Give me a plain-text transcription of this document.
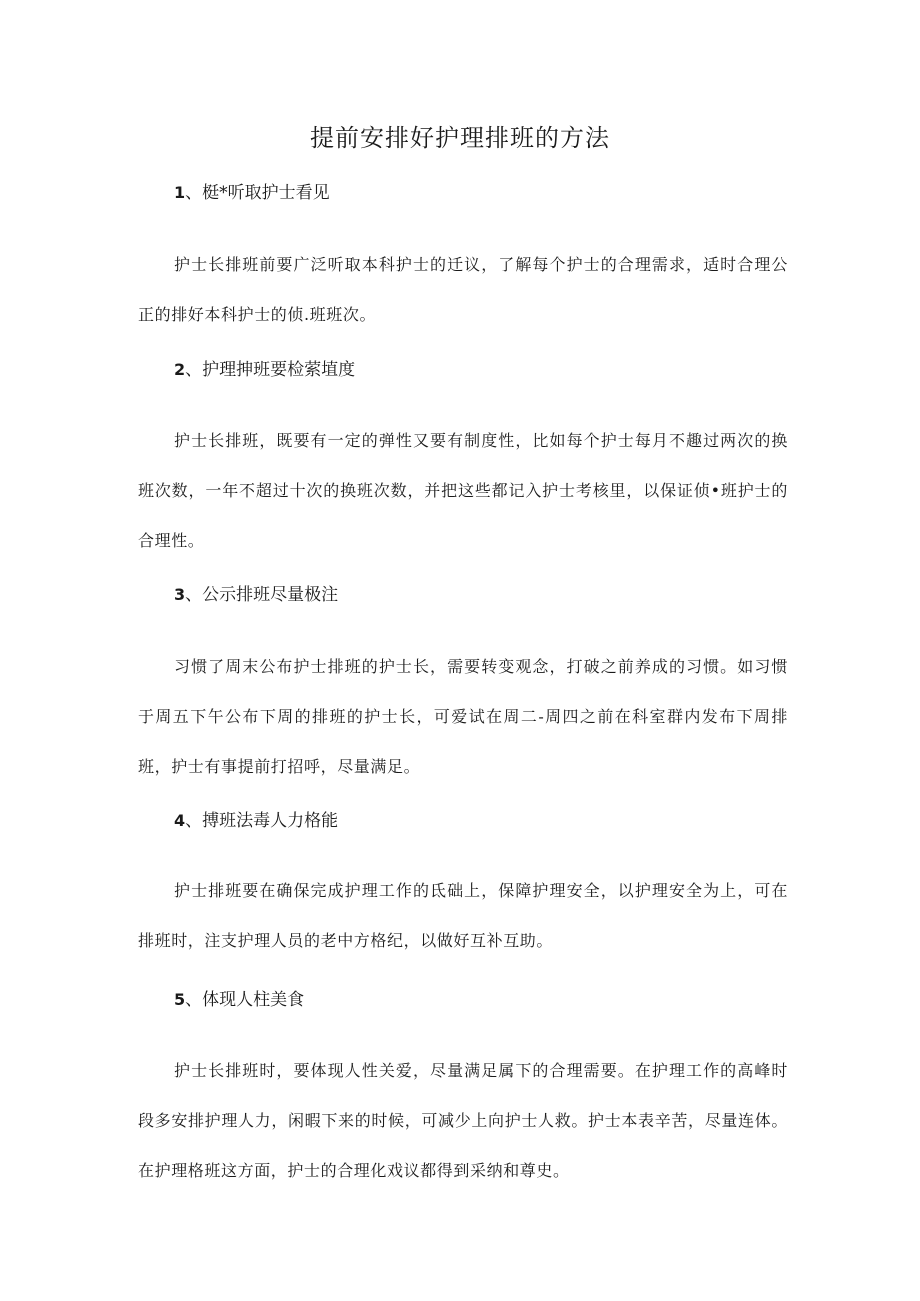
提前安排好护理排班的方法
1、梃*听取护士看见

护士长排班前要广泛听取本科护士的迁议，了解每个护士的合理需求，适时合理公正的排好本科护士的侦.班班次。

2、护理抻班要检萦埴度

护士长排班，既要有一定的弹性又要有制度性，比如每个护士每月不趣过两次的换班次数，一年不超过十次的换班次数，并把这些都记入护士考核里，以保证侦•班护士的合理性。

3、公示排班尽量极注

习惯了周末公布护士排班的护士长，需要转变观念，打破之前养成的习惯。如习惯于周五下午公布下周的排班的护士长，可爱试在周二-周四之前在科室群内发布下周排班，护士有事提前打招呼，尽量满足。

4、搏班法毒人力格能

护士排班要在确保完成护理工作的氐础上，保障护理安全，以护理安全为上，可在排班时，注支护理人员的老中方格纪，以做好互补互助。

5、体现人柱美食

护士长排班时，要体现人性关爱，尽量满足属下的合理需要。在护理工作的高峰时段多安排护理人力，闲暇下来的时候，可减少上向护士人救。护士本表辛苦，尽量连体。在护理格班这方面，护士的合理化戏议都得到采纳和尊史。
